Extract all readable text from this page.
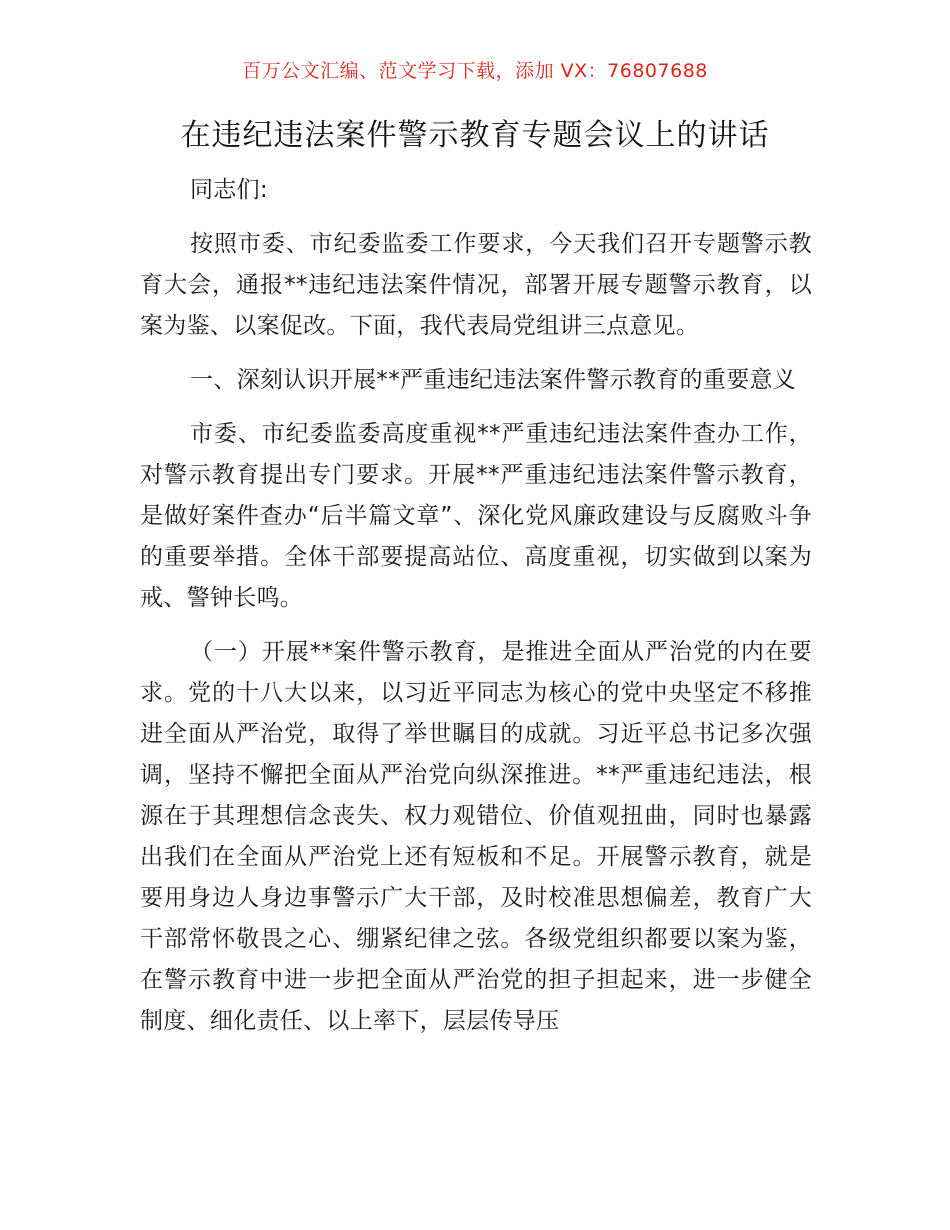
百万公文汇编、范文学习下载，添加 VX：76807688
在违纪违法案件警示教育专题会议上的讲话

同志们:

按照市委、市纪委监委工作要求，今天我们召开专题警示教育大会，通报**违纪违法案件情况，部署开展专题警示教育，以案为鉴、以案促改。下面，我代表局党组讲三点意见。

一、深刻认识开展**严重违纪违法案件警示教育的重要意义

市委、市纪委监委高度重视**严重违纪违法案件查办工作，对警示教育提出专门要求。开展**严重违纪违法案件警示教育，是做好案件查办“后半篇文章”、深化党风廉政建设与反腐败斗争的重要举措。全体干部要提高站位、高度重视，切实做到以案为戒、警钟长鸣。

（一）开展**案件警示教育，是推进全面从严治党的内在要求。党的十八大以来，以习近平同志为核心的党中央坚定不移推进全面从严治党，取得了举世瞩目的成就。习近平总书记多次强调，坚持不懈把全面从严治党向纵深推进。**严重违纪违法，根源在于其理想信念丧失、权力观错位、价值观扭曲，同时也暴露出我们在全面从严治党上还有短板和不足。开展警示教育，就是要用身边人身边事警示广大干部，及时校准思想偏差，教育广大干部常怀敬畏之心、绷紧纪律之弦。各级党组织都要以案为鉴，在警示教育中进一步把全面从严治党的担子担起来，进一步健全制度、细化责任、以上率下，层层传导压
